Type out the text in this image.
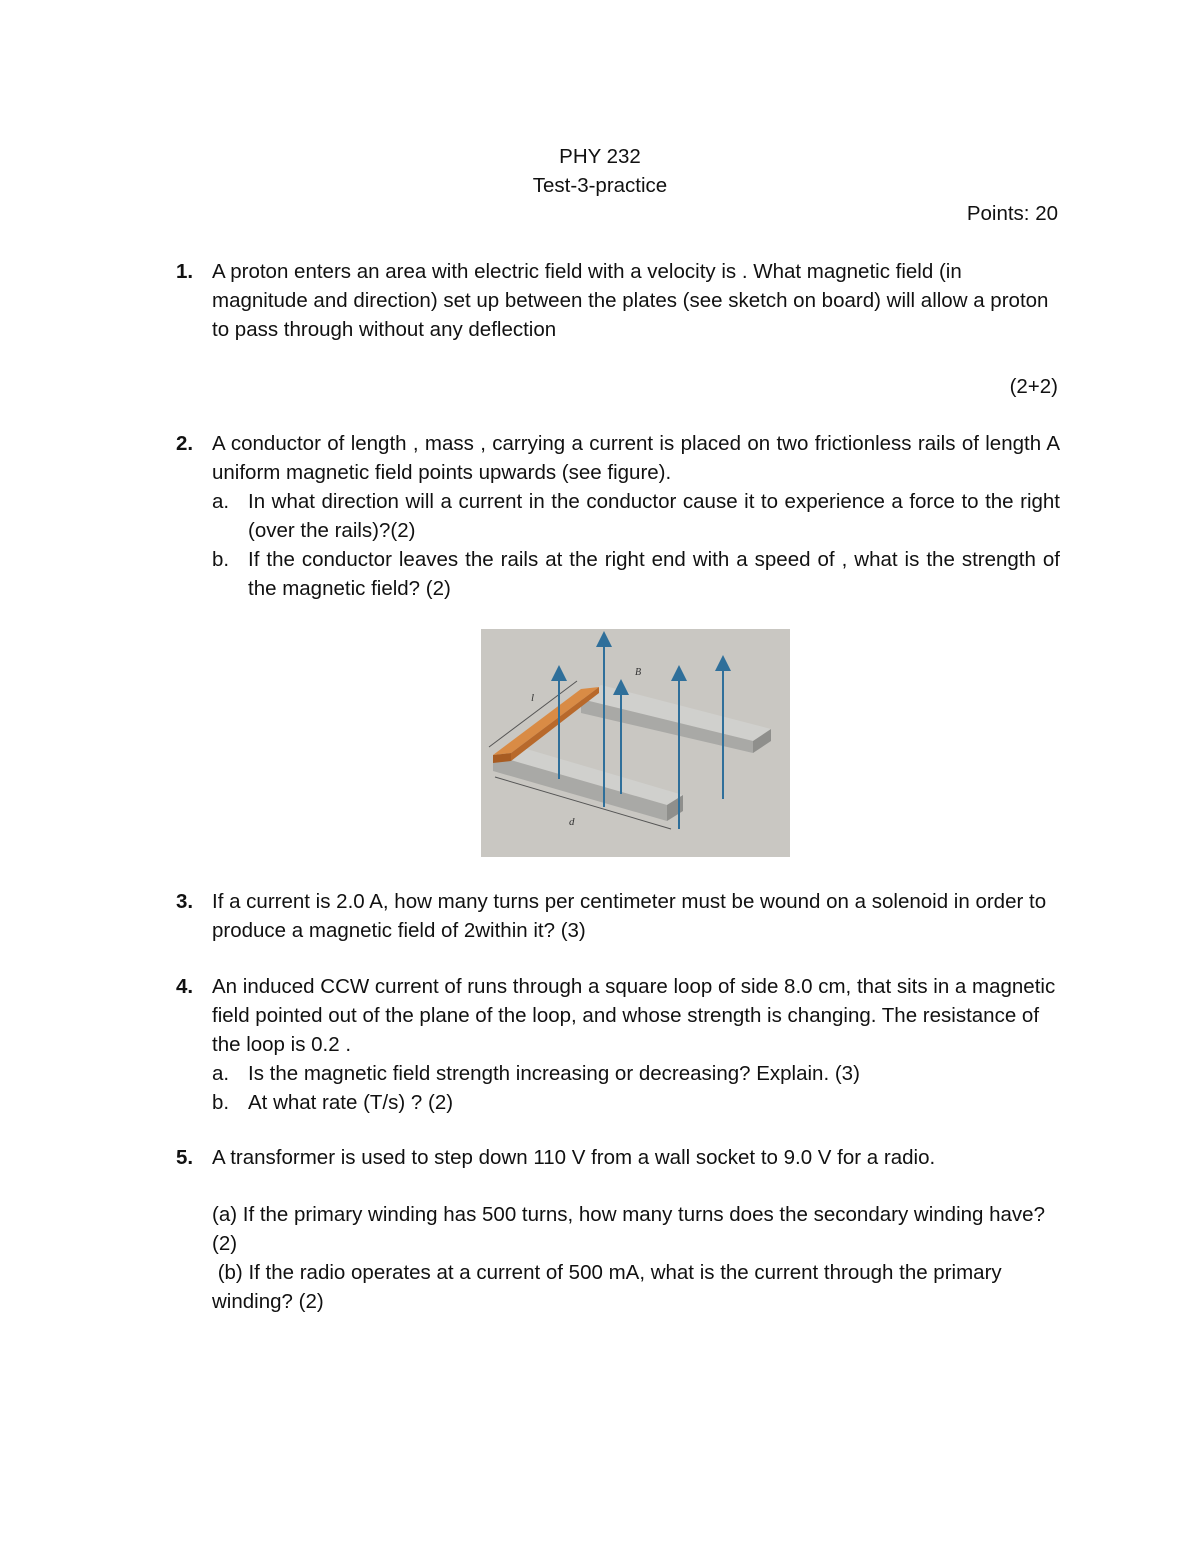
PHY 232
Test-3-practice
Points: 20
1. A proton enters an area with electric field with a velocity is . What magnetic field (in magnitude and direction) set up between the plates (see sketch on board) will allow a proton to pass through without any deflection
(2+2)
2. A conductor of length , mass , carrying a current is placed on two frictionless rails of length A uniform magnetic field points upwards (see figure).
a. In what direction will a current in the conductor cause it to experience a force to the right (over the rails)?(2)
b. If the conductor leaves the rails at the right end with a speed of , what is the strength of the magnetic field? (2)
l
d
B
3. If a current is 2.0 A, how many turns per centimeter must be wound on a solenoid in order to produce a magnetic field of 2within it? (3)
4. An induced CCW current of runs through a square loop of side 8.0 cm, that sits in a magnetic field pointed out of the plane of the loop, and whose strength is changing. The resistance of the loop is 0.2 .
a. Is the magnetic field strength increasing or decreasing? Explain. (3)
b. At what rate (T/s) ? (2)
5. A transformer is used to step down 110 V from a wall socket to 9.0 V for a radio.
(a) If the primary winding has 500 turns, how many turns does the secondary winding have? (2)
(b) If the radio operates at a current of 500 mA, what is the current through the primary winding? (2)
